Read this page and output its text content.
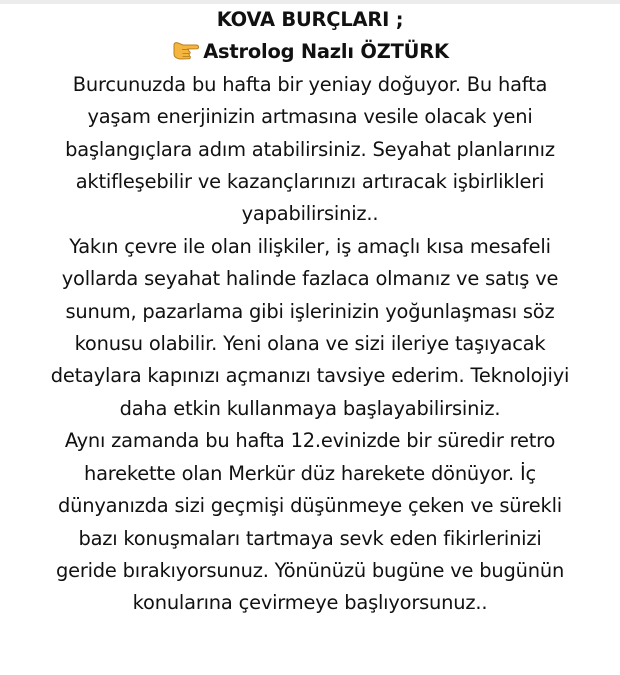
KOVA BURÇLARI ;
Astrolog Nazlı ÖZTÜRK
Burcunuzda bu hafta bir yeniay doğuyor. Bu hafta
yaşam enerjinizin artmasına vesile olacak yeni
başlangıçlara adım atabilirsiniz. Seyahat planlarınız
aktifleşebilir ve kazançlarınızı artıracak işbirlikleri
yapabilirsiniz..
Yakın çevre ile olan ilişkiler, iş amaçlı kısa mesafeli
yollarda seyahat halinde fazlaca olmanız ve satış ve
sunum, pazarlama gibi işlerinizin yoğunlaşması söz
konusu olabilir. Yeni olana ve sizi ileriye taşıyacak
detaylara kapınızı açmanızı tavsiye ederim. Teknolojiyi
daha etkin kullanmaya başlayabilirsiniz.
Aynı zamanda bu hafta 12.evinizde bir süredir retro
harekette olan Merkür düz harekete dönüyor. İç
dünyanızda sizi geçmişi düşünmeye çeken ve sürekli
bazı konuşmaları tartmaya sevk eden fikirlerinizi
geride bırakıyorsunuz. Yönünüzü bugüne ve bugünün
konularına çevirmeye başlıyorsunuz..
